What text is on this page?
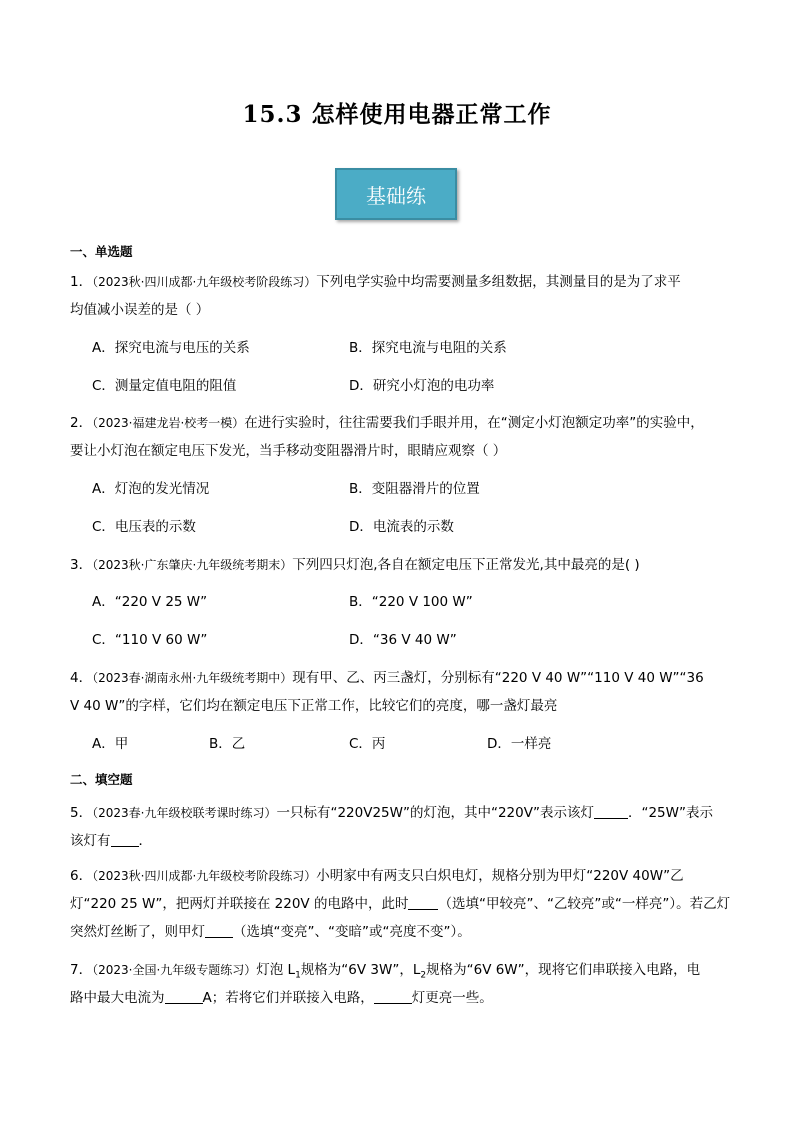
15.3 怎样使用电器正常工作
基础练
一、单选题
1．（2023秋·四川成都·九年级校考阶段练习）下列电学实验中均需要测量多组数据，其测量目的是为了求平
均值减小误差的是（ ）
A．探究电流与电压的关系	B．探究电流与电阻的关系
C．测量定值电阻的阻值	D．研究小灯泡的电功率
2．（2023·福建龙岩·校考一模）在进行实验时，往往需要我们手眼并用，在“测定小灯泡额定功率”的实验中，
要让小灯泡在额定电压下发光，当手移动变阻器滑片时，眼睛应观察（ ）
A．灯泡的发光情况	B．变阻器滑片的位置
C．电压表的示数	D．电流表的示数
3．（2023秋·广东肇庆·九年级统考期末）下列四只灯泡,各自在额定电压下正常发光,其中最亮的是( )
A．“220 V 25 W”	B．“220 V 100 W”
C．“110 V 60 W”	D．“36 V 40 W”
4．（2023春·湖南永州·九年级统考期中）现有甲、乙、丙三盏灯，分别标有“220 V 40 W”“110 V 40 W”“36
V 40 W”的字样，它们均在额定电压下正常工作，比较它们的亮度，哪一盏灯最亮
A．甲	B．乙	C．丙	D．一样亮
二、填空题
5．（2023春·九年级校联考课时练习）一只标有“220V25W”的灯泡，其中“220V”表示该灯	．“25W”表示
该灯有 ．
6．（2023秋·四川成都·九年级校考阶段练习）小明家中有两支只白炽电灯，规格分别为甲灯“220V 40W”乙
灯“220 25 W”，把两灯并联接在 220V 的电路中，此时 （选填“甲较亮”、“乙较亮”或“一样亮”）。若乙灯
突然灯丝断了，则甲灯 （选填“变亮”、“变暗”或“亮度不变”）。
7．（2023·全国·九年级专题练习）灯泡 $L_1$规格为“6V 3W”，$L_2$规格为“6V 6W”，现将它们串联接入电路，电
路中最大电流为	A；若将它们并联接入电路，	灯更亮一些。
